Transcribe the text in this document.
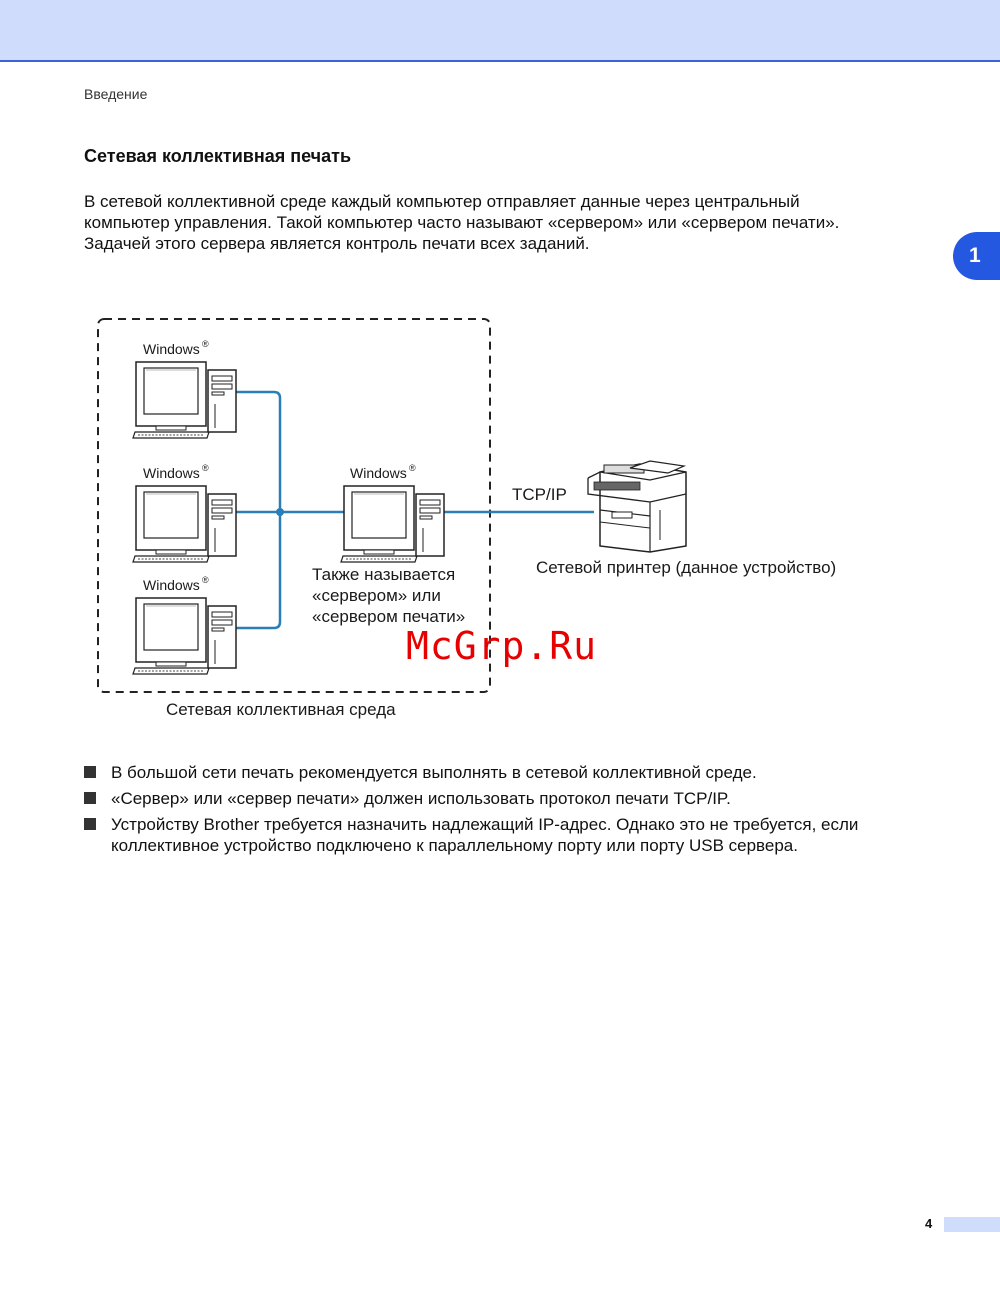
Введение
1
Сетевая коллективная печать

В сетевой коллективной среде каждый компьютер отправляет данные через центральный
компьютер управления. Такой компьютер часто называют «сервером» или «сервером печати».
Задачей этого сервера является контроль печати всех заданий.

Windows ®
Windows ®
Windows ®
Windows ®
Также называется
«сервером» или
«сервером печати»
TCP/IP
Сетевой принтер (данное устройство)
Сетевая коллективная среда
McGrp.Ru
В большой сети печать рекомендуется выполнять в сетевой коллективной среде.
«Сервер» или «сервер печати» должен использовать протокол печати TCP/IP.
Устройству Brother требуется назначить надлежащий IP-адрес. Однако это не требуется, если
коллективное устройство подключено к параллельному порту или порту USB сервера.
4
